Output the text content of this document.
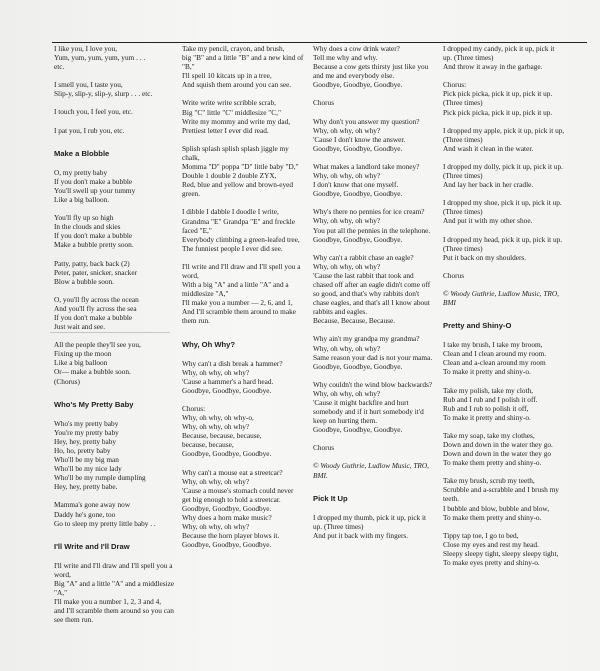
I like you, I love you,
Yum, yum, yum, yum, yum . . .
etc.
I smell you, I taste you,
Slip-y, slip-y, slip-y, slurp . . . etc.
I touch you, I feel you, etc.
I pat you, I rub you, etc.
Make a Blobble
O, my pretty baby
If you don't make a bubble
You'll swell up your tummy
Like a big balloon.
You'll fly up so high
In the clouds and skies
If you don't make a bubble
Make a bubble pretty soon.
Patty, patty, back back (2)
Peter, pater, snicker, snacker
Blow a bubble soon.
O, you'll fly across the ocean
And you'll fly across the sea
If you don't make a bubble
Just wait and see.
All the people they'll see you,
Fixing up the moon
Like a big balloon
Or— make a bubble soon.
(Chorus)
Who's My Pretty Baby
Who's my pretty baby
You're my pretty baby
Hey, hey, pretty baby
Ho, ho, pretty baby
Who'll be my big man
Who'll be my nice lady
Who'll be my rumple dumpling
Hey, hey, pretty babe.
Mamma's gone away now
Daddy he's gone, too
Go to sleep my pretty little baby . .
I'll Write and I'll Draw
I'll write and I'll draw and I'll spell you a word,
Big "A" and a little "A" and a middlesize "A,"
I'll make you a number 1, 2, 3 and 4,
and I'll scramble them around so you can see them run.
Take my pencil, crayon, and brush,
big "B" and a little "B" and a new kind of "B,"
I'll spell 10 kitcats up in a tree,
And squish them around you can see.
Write write write scribble scrab,
Big "C" little "C" middlesize "C,"
Write my mommy and write my dad,
Prettiest letter I ever did read.
Splish splash splish splash jiggle my chalk,
Momma "D" poppa "D" little baby "D,"
Double 1 double 2 double ZYX,
Red, blue and yellow and brown-eyed green.
I dibble I dabble I doodle I write,
Grandma "E" Grandpa "E" and freckle faced "E,"
Everybody climbing a green-leafed tree,
The funniest people I ever did see.
I'll write and I'll draw and I'll spell you a word,
With a big "A" and a little "A" and a middlesize "A,"
I'll make you a number — 2, 6, and 1,
And I'll scramble them around to make them run.
Why, Oh Why?
Why can't a dish break a hammer?
Why, oh why, oh why?
'Cause a hammer's a hard head.
Goodbye, Goodbye, Goodbye.
Chorus:
Why, oh why, oh why-o,
Why, oh why, oh why?
Because, because, because,
because, because,
Goodbye, Goodbye, Goodbye.
Why can't a mouse eat a streetcar?
Why, oh why, oh why?
'Cause a mouse's stomach could never get big enough to hold a streetcar.
Goodbye, Goodbye, Goodbye.
Why does a horn make music?
Why, oh why, oh why?
Because the horn player blows it.
Goodbye, Goodbye, Goodbye.
Why does a cow drink water?
Tell me why and why.
Because a cow gets thirsty just like you and me and everybody else.
Goodbye, Goodbye, Goodbye.
Chorus
Why don't you answer my question?
Why, oh why, oh why?
'Cause I don't know the answer.
Goodbye, Goodbye, Goodbye.
What makes a landlord take money?
Why, oh why, oh why?
I don't know that one myself.
Goodbye, Goodbye, Goodbye.
Why's there no pennies for ice cream?
Why, oh why, oh why?
You put all the pennies in the telephone.
Goodbye, Goodbye, Goodbye.
Why can't a rabbit chase an eagle?
Why, oh why, oh why?
'Cause the last rabbit that took and chased off after an eagle didn't come off so good, and that's why rabbits don't chase eagles, and that's all I know about rabbits and eagles.
Because, Because, Because.
Why ain't my grandpa my grandma?
Why, oh why, oh why?
Same reason your dad is not your mama.
Goodbye, Goodbye, Goodbye.
Why couldn't the wind blow backwards?
Why, oh why, oh why?
'Cause it might backfire and hurt somebody and if it hurt somebody it'd keep on hurting them.
Goodbye, Goodbye, Goodbye.
Chorus
© Woody Guthrie, Ludlow Music, TRO, BMI.
Pick It Up
I dropped my thumb, pick it up, pick it up. (Three times)
And put it back with my fingers.
I dropped my candy, pick it up, pick it up. (Three times)
And throw it away in the garbage.
Chorus:
Pick pick picka, pick it up, pick it up. (Three times)
Pick pick picka, pick it up, pick it up.
I dropped my apple, pick it up, pick it up, (Three times)
And wash it clean in the water.
I dropped my dolly, pick it up, pick it up. (Three times)
And lay her back in her cradle.
I dropped my shoe, pick it up, pick it up. (Three times)
And put it with my other shoe.
I dropped my head, pick it up, pick it up. (Three times)
Put it back on my shoulders.
Chorus
© Woody Guthrie, Ludlow Music, TRO, BMI
Pretty and Shiny-O
I take my brush, I take my broom,
Clean and I clean around my room.
Clean and a-clean around my room
To make it pretty and shiny-o.
Take my polish, take my cloth,
Rub and I rub and I polish it off.
Rub and I rub to polish it off,
To make it pretty and shiny-o.
Take my soap, take my clothes,
Down and down in the water they go.
Down and down in the water they go
To make them pretty and shiny-o.
Take my brush, scrub my teeth,
Scrubble and a-scrabble and I brush my teeth.
I bubble and blow, bubble and blow,
To make them pretty and shiny-o.
Tippy tap toe, I go to bed,
Close my eyes and rest my head.
Sleepy sleepy tight, sleepy sleepy tight,
To make eyes pretty and shiny-o.
